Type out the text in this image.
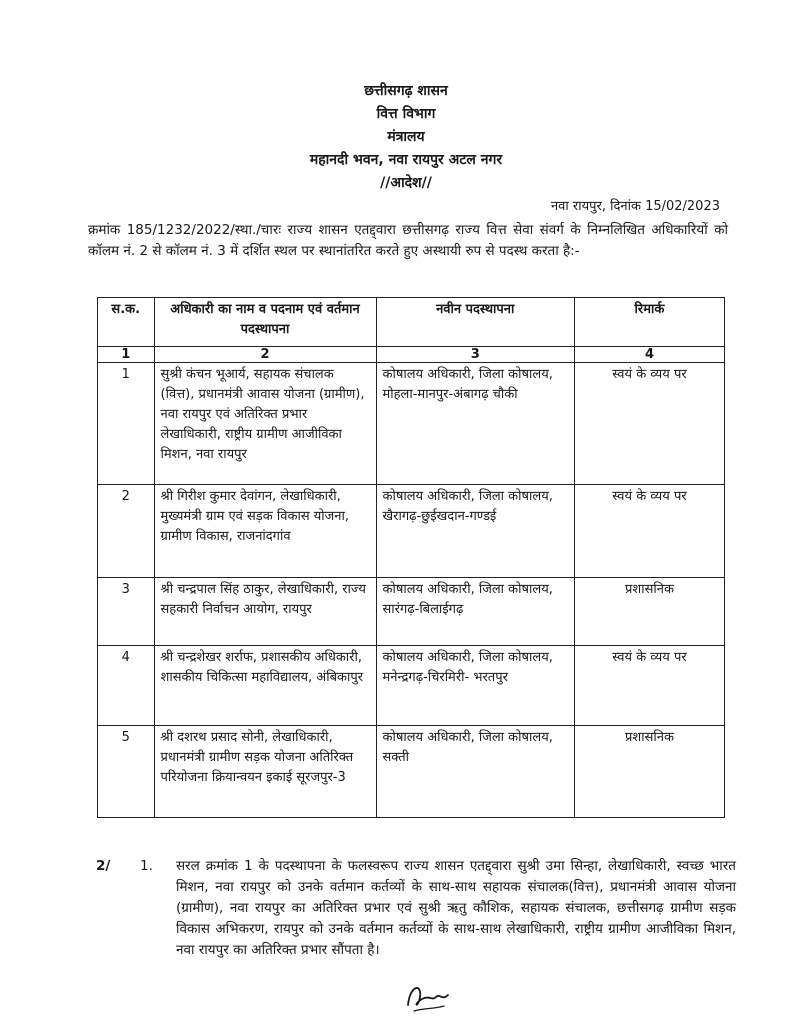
छत्तीसगढ़ शासन
वित्त विभाग
मंत्रालय
महानदी भवन, नवा रायपुर अटल नगर
//आदेश//
नवा रायपुर, दिनांक 15/02/2023
क्रमांक 185/1232/2022/स्था./चारः राज्य शासन एतद्द्वारा छत्तीसगढ़ राज्य वित्त सेवा संवर्ग के निम्नलिखित अधिकारियों को कॉलम नं. 2 से कॉलम नं. 3 में दर्शित स्थल पर स्थानांतरित करते हुए अस्थायी रुप से पदस्थ करता है:-
स.क.	अधिकारी का नाम व पदनाम एवं वर्तमान पदस्थापना	नवीन पदस्थापना	रिमार्क
1	2	3	4
1	सुश्री कंचन भूआर्य, सहायक संचालक (वित्त), प्रधानमंत्री आवास योजना (ग्रामीण), नवा रायपुर एवं अतिरिक्त प्रभार लेखाधिकारी, राष्ट्रीय ग्रामीण आजीविका मिशन, नवा रायपुर	कोषालय अधिकारी, जिला कोषालय, मोहला-मानपुर-अंबागढ़ चौकी	स्वयं के व्यय पर
2	श्री गिरीश कुमार देवांगन, लेखाधिकारी, मुख्यमंत्री ग्राम एवं सड़क विकास योजना, ग्रामीण विकास, राजनांदगांव	कोषालय अधिकारी, जिला कोषालय, खैरागढ़-छुईखदान-गण्डई	स्वयं के व्यय पर
3	श्री चन्द्रपाल सिंह ठाकुर, लेखाधिकारी, राज्य सहकारी निर्वाचन आयोग, रायपुर	कोषालय अधिकारी, जिला कोषालय, सारंगढ़-बिलाईगढ़	प्रशासनिक
4	श्री चन्द्रशेखर शर्राफ, प्रशासकीय अधिकारी, शासकीय चिकित्सा महाविद्यालय, अंबिकापुर	कोषालय अधिकारी, जिला कोषालय, मनेन्द्रगढ़-चिरमिरी- भरतपुर	स्वयं के व्यय पर
5	श्री दशरथ प्रसाद सोनी, लेखाधिकारी, प्रधानमंत्री ग्रामीण सड़क योजना अतिरिक्त परियोजना क्रियान्वयन इकाई सूरजपुर-3	कोषालय अधिकारी, जिला कोषालय, सक्ती	प्रशासनिक
2/ 1. सरल क्रमांक 1 के पदस्थापना के फलस्वरूप राज्य शासन एतद्द्वारा सुश्री उमा सिन्हा, लेखाधिकारी, स्वच्छ भारत मिशन, नवा रायपुर को उनके वर्तमान कर्तव्यों के साथ-साथ सहायक संचालक(वित्त), प्रधानमंत्री आवास योजना (ग्रामीण), नवा रायपुर का अतिरिक्त प्रभार एवं सुश्री ऋतु कौशिक, सहायक संचालक, छत्तीसगढ़ ग्रामीण सड़क विकास अभिकरण, रायपुर को उनके वर्तमान कर्तव्यों के साथ-साथ लेखाधिकारी, राष्ट्रीय ग्रामीण आजीविका मिशन, नवा रायपुर का अतिरिक्त प्रभार सौंपता है।
